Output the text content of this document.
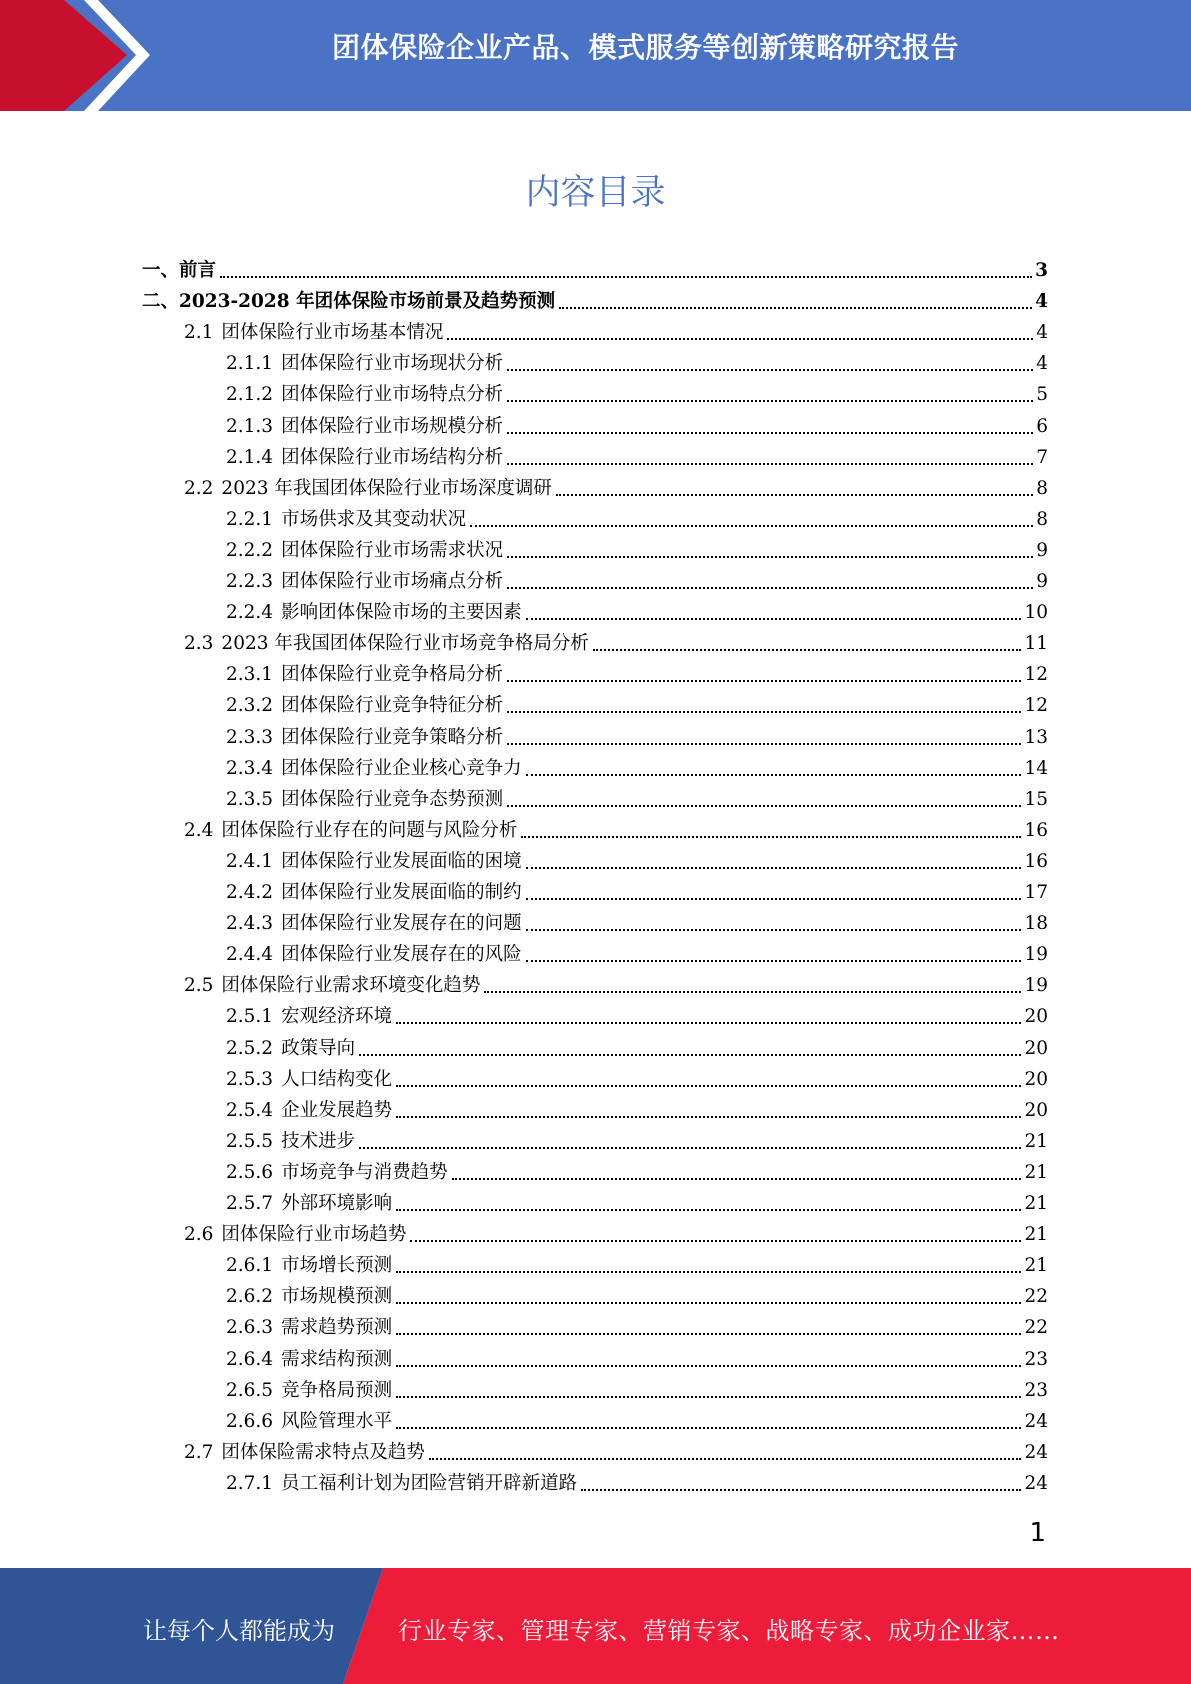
团体保险企业产品、模式服务等创新策略研究报告
内容目录
一、 前言	3
二、 2023-2028 年团体保险市场前景及趋势预测	4
2.1 团体保险行业市场基本情况	4
2.1.1 团体保险行业市场现状分析	4
2.1.2 团体保险行业市场特点分析	5
2.1.3 团体保险行业市场规模分析	6
2.1.4 团体保险行业市场结构分析	7
2.2 2023 年我国团体保险行业市场深度调研	8
2.2.1 市场供求及其变动状况	8
2.2.2 团体保险行业市场需求状况	9
2.2.3 团体保险行业市场痛点分析	9
2.2.4 影响团体保险市场的主要因素	10
2.3 2023 年我国团体保险行业市场竞争格局分析	11
2.3.1 团体保险行业竞争格局分析	12
2.3.2 团体保险行业竞争特征分析	12
2.3.3 团体保险行业竞争策略分析	13
2.3.4 团体保险行业企业核心竞争力	14
2.3.5 团体保险行业竞争态势预测	15
2.4 团体保险行业存在的问题与风险分析	16
2.4.1 团体保险行业发展面临的困境	16
2.4.2 团体保险行业发展面临的制约	17
2.4.3 团体保险行业发展存在的问题	18
2.4.4 团体保险行业发展存在的风险	19
2.5 团体保险行业需求环境变化趋势	19
2.5.1 宏观经济环境	20
2.5.2 政策导向	20
2.5.3 人口结构变化	20
2.5.4 企业发展趋势	20
2.5.5 技术进步	21
2.5.6 市场竞争与消费趋势	21
2.5.7 外部环境影响	21
2.6 团体保险行业市场趋势	21
2.6.1 市场增长预测	21
2.6.2 市场规模预测	22
2.6.3 需求趋势预测	22
2.6.4 需求结构预测	23
2.6.5 竞争格局预测	23
2.6.6 风险管理水平	24
2.7 团体保险需求特点及趋势	24
2.7.1 员工福利计划为团险营销开辟新道路	24
1
让每个人都能成为	行业专家、管理专家、营销专家、战略专家、成功企业家……
